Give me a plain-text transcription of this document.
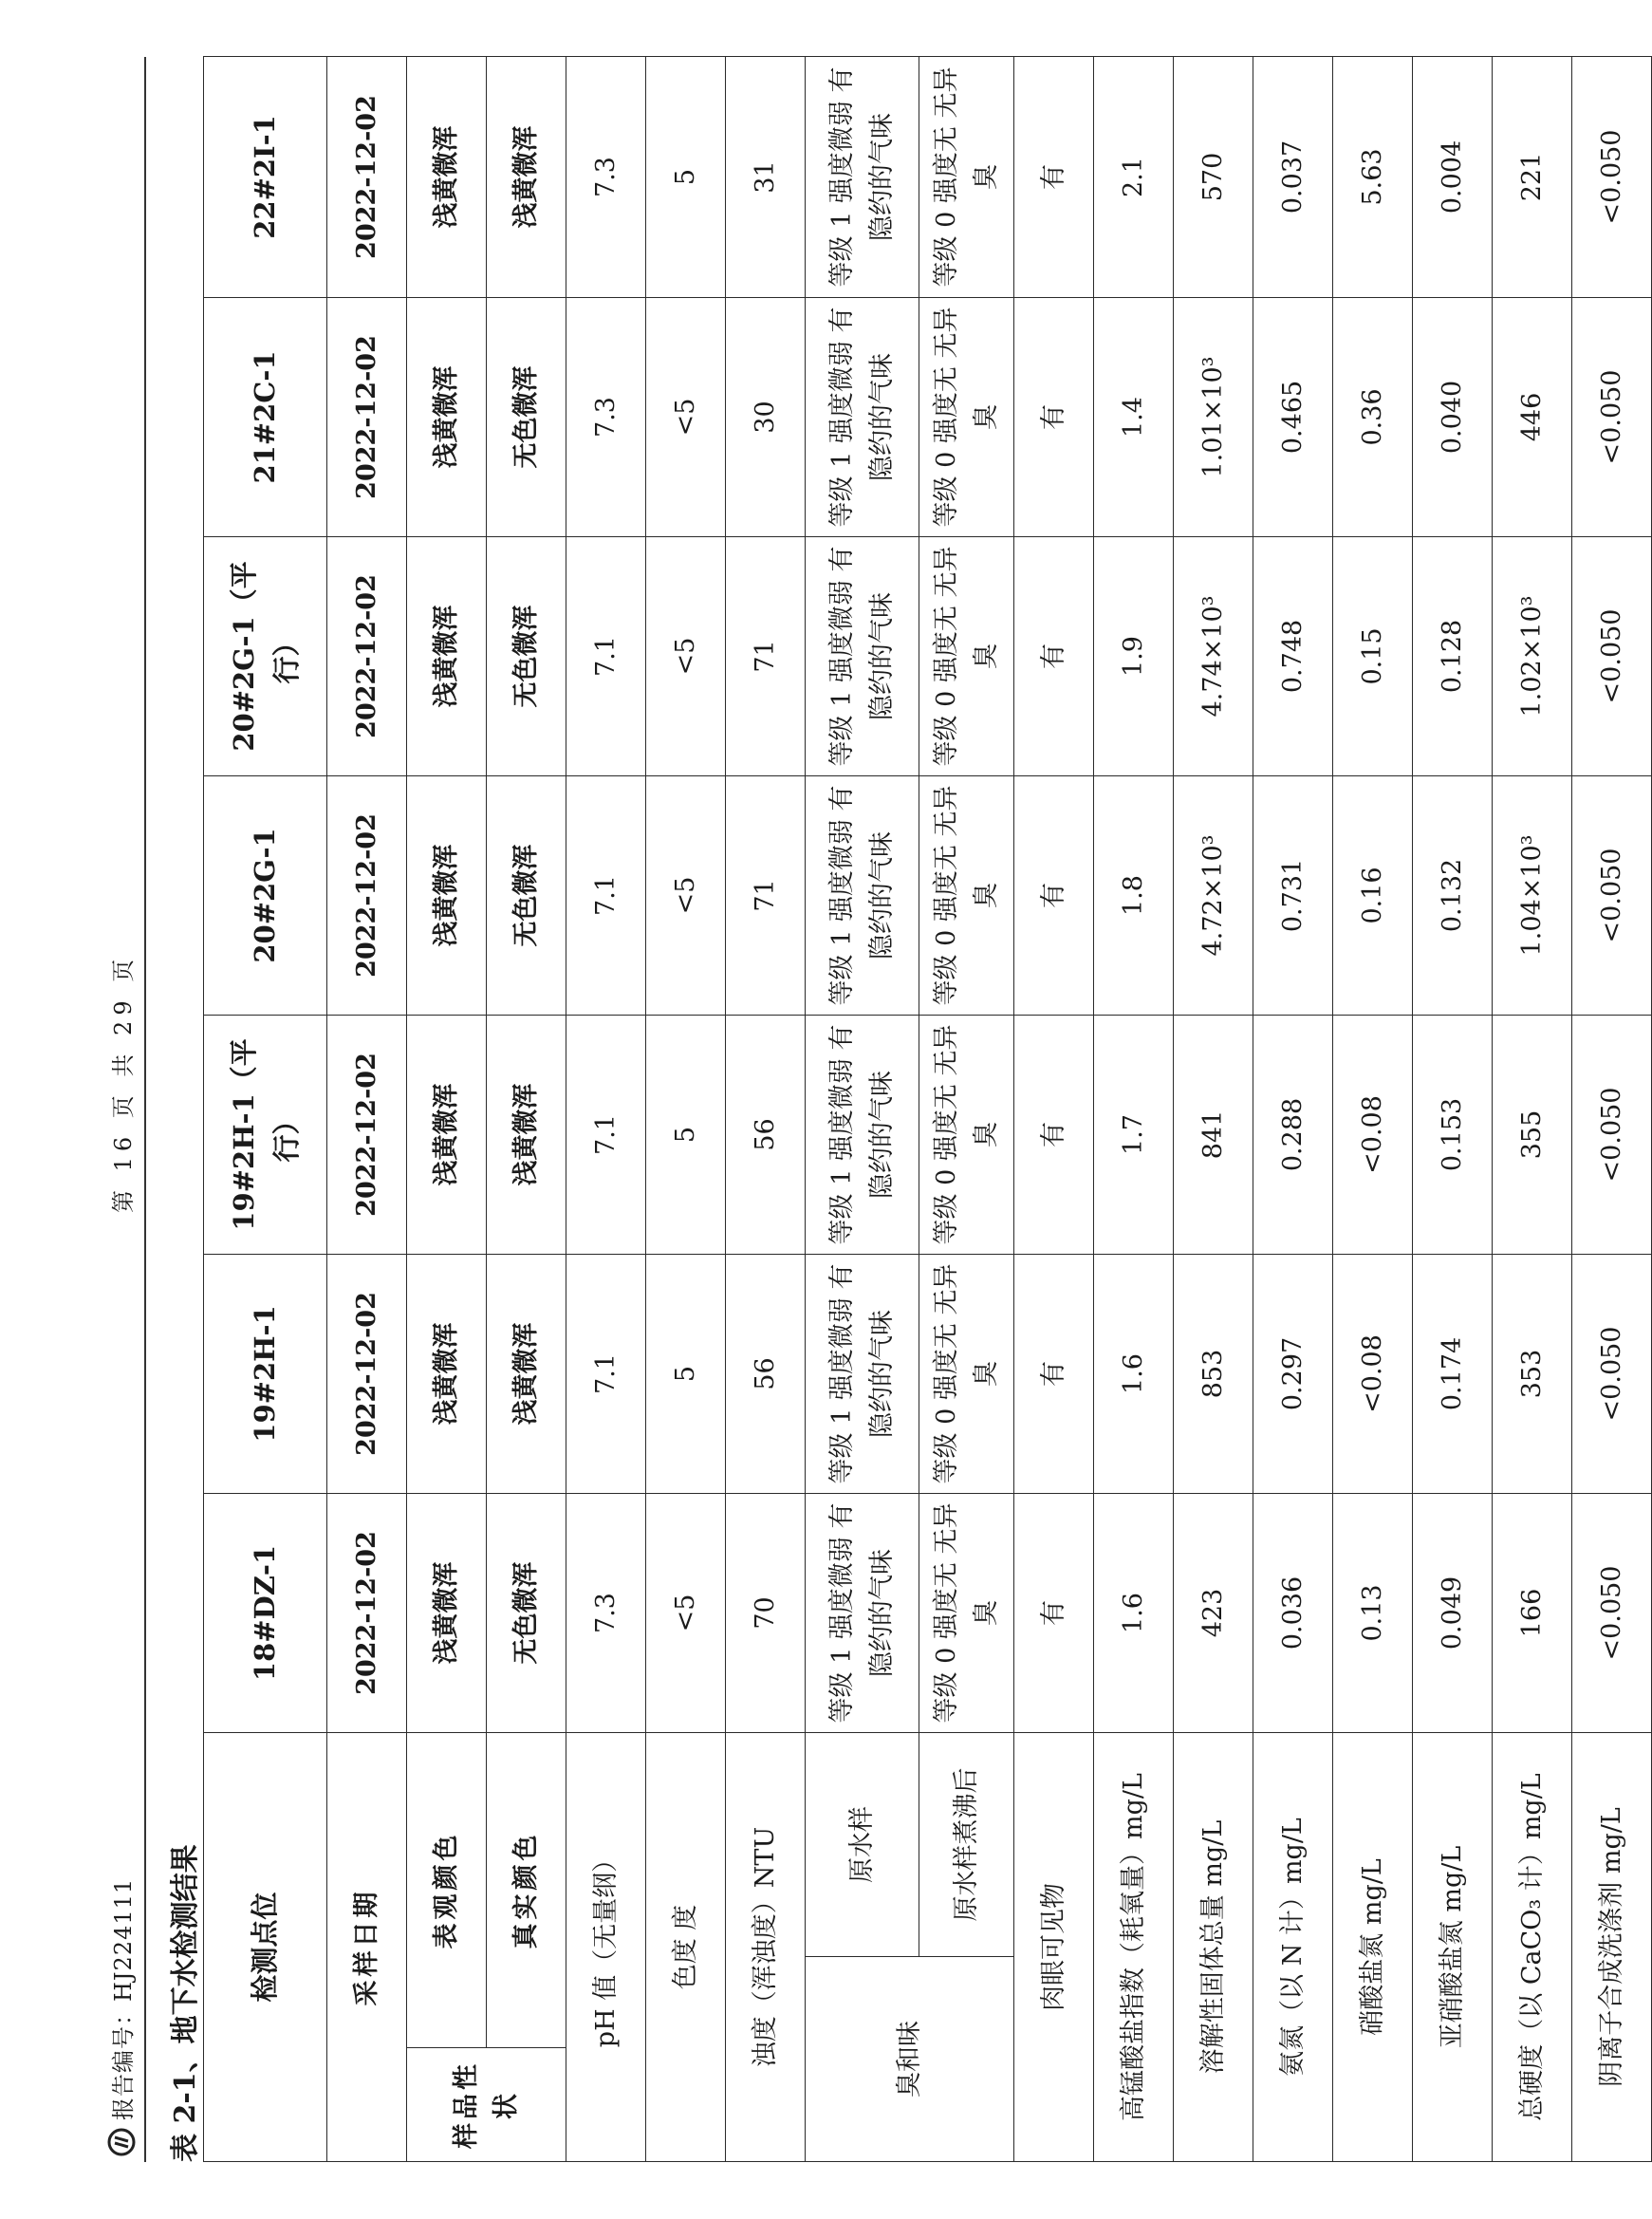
报告编号：HJ224111
第 16 页 共 29 页
表 2-1、地下水检测结果 检测点位			18#DZ-1	19#2H-1	19#2H-1（平行）	20#2G-1	20#2G-1（平行）	21#2C-1	22#2I-1
采样日期			2022-12-02	2022-12-02	2022-12-02	2022-12-02	2022-12-02	2022-12-02	2022-12-02
样品性状	表观颜色		浅黄微浑	浅黄微浑	浅黄微浑	浅黄微浑	浅黄微浑	浅黄微浑	浅黄微浑
	真实颜色		无色微浑	浅黄微浑	浅黄微浑	无色微浑	无色微浑	无色微浑	浅黄微浑
pH 值（无量纲）			7.3	7.1	7.1	7.1	7.1	7.3	7.3
色度 度			<5	5	5	<5	<5	<5	5
浊度（浑浊度）NTU			70	56	56	71	71	30	31
臭和味		原水样	等级 1 强度微弱 有隐约的气味	等级 1 强度微弱 有隐约的气味	等级 1 强度微弱 有隐约的气味	等级 1 强度微弱 有隐约的气味	等级 1 强度微弱 有隐约的气味	等级 1 强度微弱 有隐约的气味	等级 1 强度微弱 有隐约的气味
		原水样煮沸后	等级 0 强度无 无异臭	等级 0 强度无 无异臭	等级 0 强度无 无异臭	等级 0 强度无 无异臭	等级 0 强度无 无异臭	等级 0 强度无 无异臭	等级 0 强度无 无异臭
肉眼可见物			有	有	有	有	有	有	有
高锰酸盐指数（耗氧量）mg/L			1.6	1.6	1.7	1.8	1.9	1.4	2.1
溶解性固体总量 mg/L			423	853	841	4.72×10³	4.74×10³	1.01×10³	570
氨氮（以 N 计）mg/L			0.036	0.297	0.288	0.731	0.748	0.465	0.037
硝酸盐氮 mg/L			0.13	<0.08	<0.08	0.16	0.15	0.36	5.63
亚硝酸盐氮 mg/L			0.049	0.174	0.153	0.132	0.128	0.040	0.004
总硬度（以 CaCO₃ 计）mg/L			166	353	355	1.04×10³	1.02×10³	446	221
阴离子合成洗涤剂 mg/L			<0.050	<0.050	<0.050	<0.050	<0.050	<0.050	<0.050
